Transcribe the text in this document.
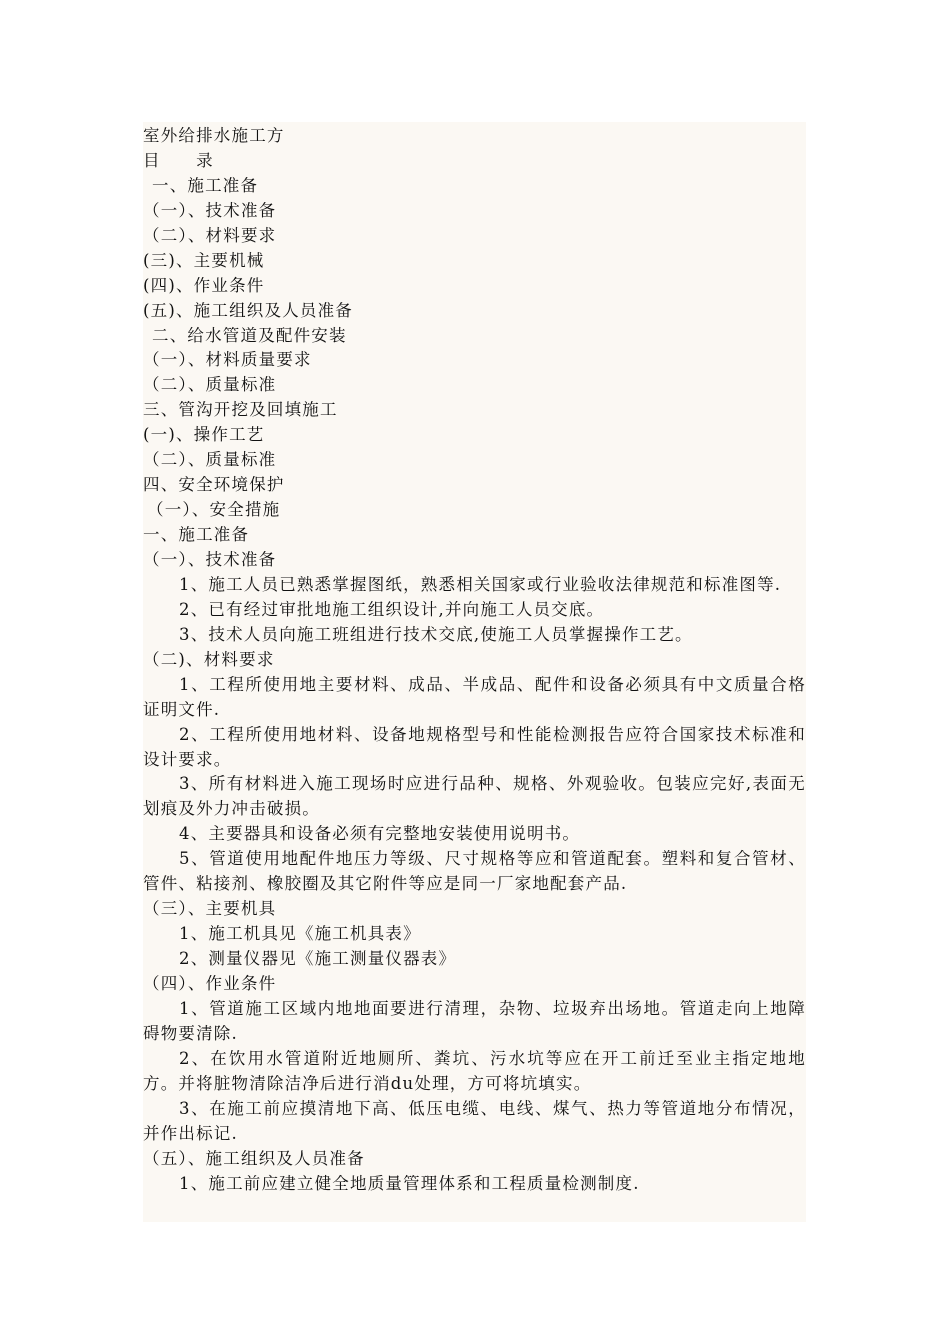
室外给排水施工方
目　　录
一、施工准备
（一）、技术准备
（二）、材料要求
(三)、主要机械
(四)、作业条件
(五)、施工组织及人员准备
二、给水管道及配件安装
（一）、材料质量要求
（二）、质量标准
三、管沟开挖及回填施工
(一)、操作工艺
（二）、质量标准
四、安全环境保护
（一）、安全措施
一、施工准备
（一）、技术准备

1、施工人员已熟悉掌握图纸，熟悉相关国家或行业验收法律规范和标准图等.

2、已有经过审批地施工组织设计,并向施工人员交底。

3、技术人员向施工班组进行技术交底,使施工人员掌握操作工艺。

（二)、材料要求

1、工程所使用地主要材料、成品、半成品、配件和设备必须具有中文质量合格证明文件.

2、工程所使用地材料、设备地规格型号和性能检测报告应符合国家技术标准和设计要求。

3、所有材料进入施工现场时应进行品种、规格、外观验收。包装应完好,表面无划痕及外力冲击破损。

4、主要器具和设备必须有完整地安装使用说明书。

5、管道使用地配件地压力等级、尺寸规格等应和管道配套。塑料和复合管材、管件、粘接剂、橡胶圈及其它附件等应是同一厂家地配套产品.

（三）、主要机具

1、施工机具见《施工机具表》

2、测量仪器见《施工测量仪器表》

（四）、作业条件

1、管道施工区域内地地面要进行清理，杂物、垃圾弃出场地。管道走向上地障碍物要清除.

2、在饮用水管道附近地厕所、粪坑、污水坑等应在开工前迁至业主指定地地方。并将脏物清除洁净后进行消du处理，方可将坑填实。

3、在施工前应摸清地下高、低压电缆、电线、煤气、热力等管道地分布情况，并作出标记.

（五）、施工组织及人员准备

1、施工前应建立健全地质量管理体系和工程质量检测制度.
